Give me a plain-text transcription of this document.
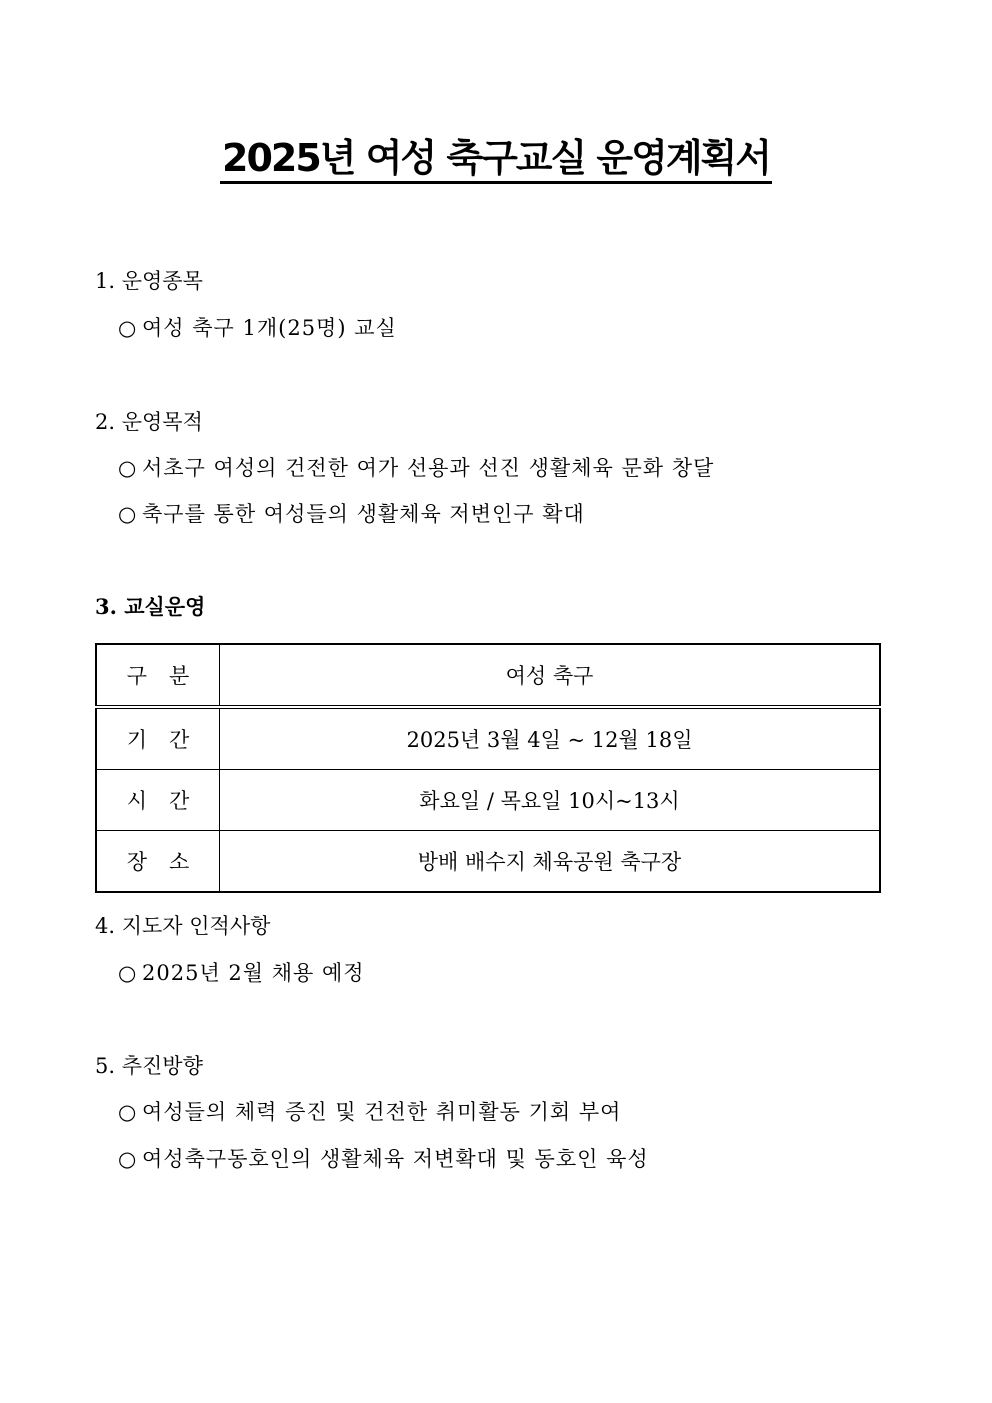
2025년 여성 축구교실 운영계획서
1. 운영종목
○ 여성 축구 1개(25명) 교실
2. 운영목적
○ 서초구 여성의 건전한 여가 선용과 선진 생활체육 문화 창달
○ 축구를 통한 여성들의 생활체육 저변인구 확대
3. 교실운영
구분	여성 축구
기간	2025년 3월 4일 ~ 12월 18일
시간	화요일 / 목요일 10시~13시
장소	방배 배수지 체육공원 축구장
4. 지도자 인적사항
○ 2025년 2월 채용 예정
5. 추진방향
○ 여성들의 체력 증진 및 건전한 취미활동 기회 부여
○ 여성축구동호인의 생활체육 저변확대 및 동호인 육성
